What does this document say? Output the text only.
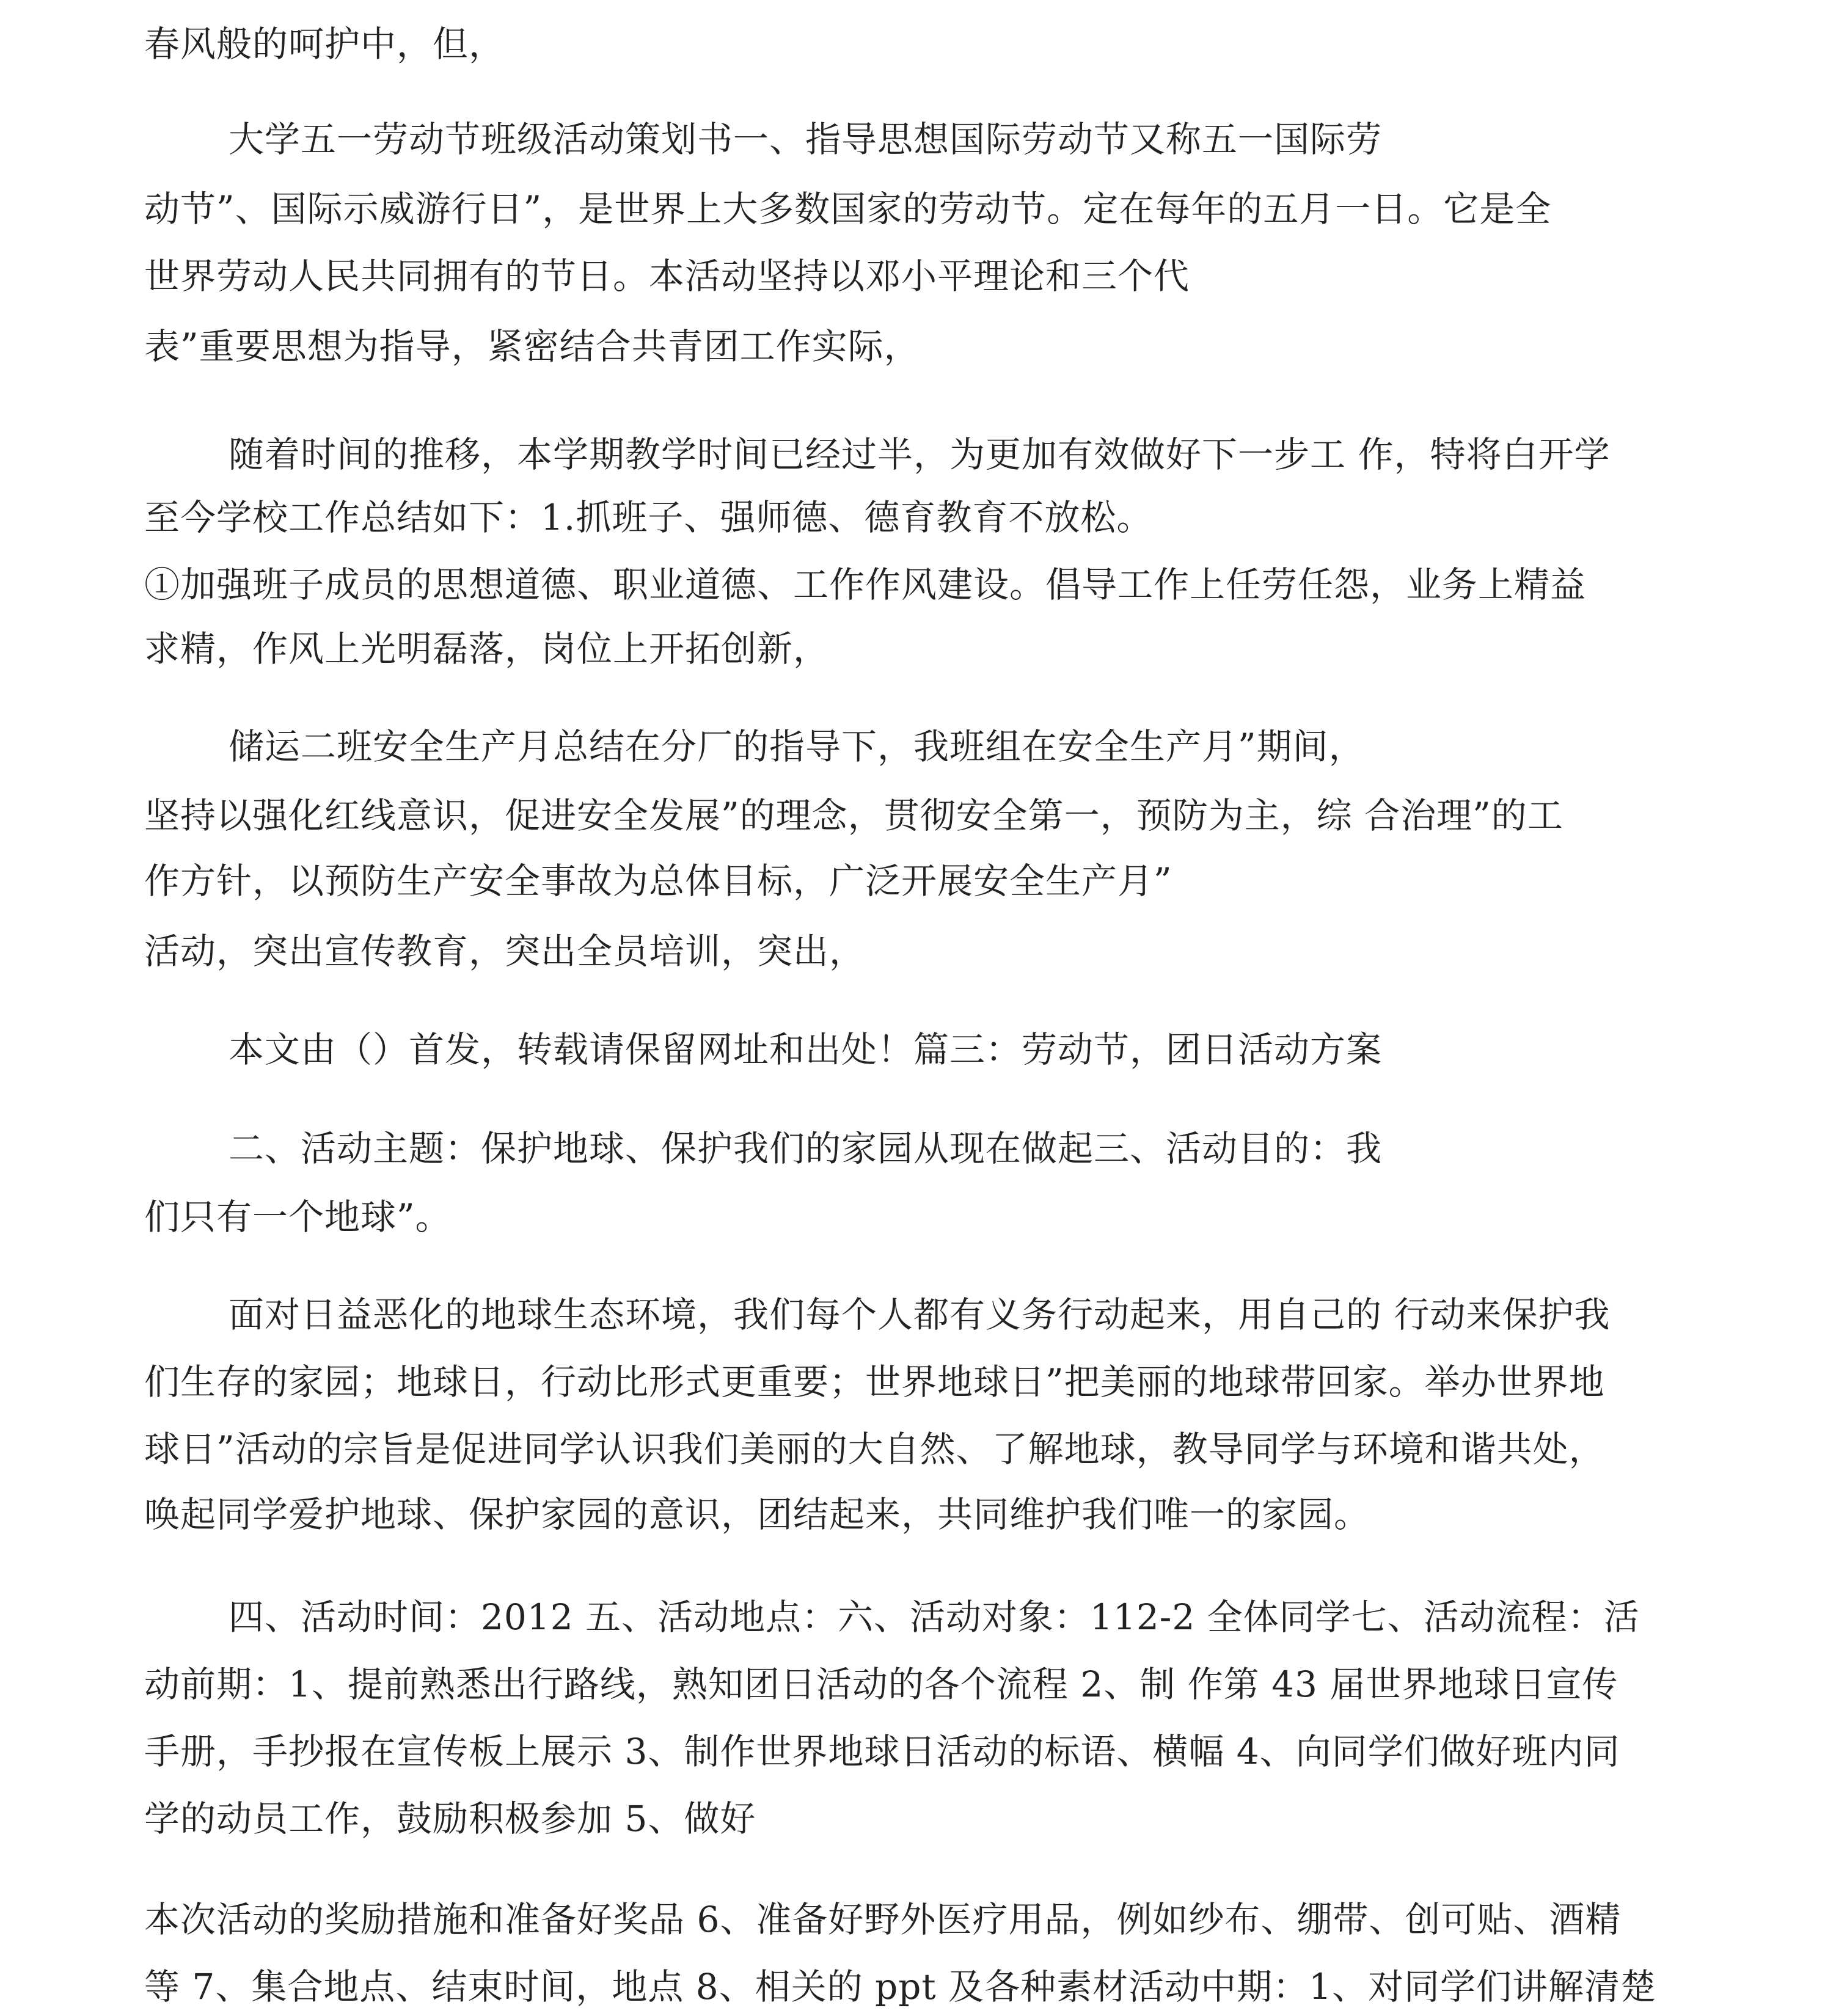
春风般的呵护中，但，
大学五一劳动节班级活动策划书一、指导思想国际劳动节又称五一国际劳
动节”、国际示威游行日”，是世界上大多数国家的劳动节。定在每年的五月一日。它是全
世界劳动人民共同拥有的节日。本活动坚持以邓小平理论和三个代
表”重要思想为指导，紧密结合共青团工作实际，
随着时间的推移，本学期教学时间已经过半，为更加有效做好下一步工 作，特将白开学
至今学校工作总结如下：1.抓班子、强师德、德育教育不放松。
①加强班子成员的思想道德、职业道德、工作作风建设。倡导工作上任劳任怨，业务上精益
求精，作风上光明磊落，岗位上开拓创新，
储运二班安全生产月总结在分厂的指导下，我班组在安全生产月”期间，
坚持以强化红线意识，促进安全发展”的理念，贯彻安全第一，预防为主，综 合治理”的工
作方针，以预防生产安全事故为总体目标，广泛开展安全生产月”
活动，突出宣传教育，突出全员培训，突出，
本文由（）首发，转载请保留网址和出处！篇三：劳动节，团日活动方案
二、活动主题：保护地球、保护我们的家园从现在做起三、活动目的：我
们只有一个地球”。
面对日益恶化的地球生态环境，我们每个人都有义务行动起来，用自己的 行动来保护我
们生存的家园；地球日，行动比形式更重要；世界地球日”把美丽的地球带回家。举办世界地
球日”活动的宗旨是促进同学认识我们美丽的大自然、了解地球，教导同学与环境和谐共处，
唤起同学爱护地球、保护家园的意识，团结起来，共同维护我们唯一的家园。
四、活动时间：2012 五、活动地点：六、活动对象：112-2 全体同学七、活动流程：活
动前期：1、提前熟悉出行路线，熟知团日活动的各个流程 2、制 作第 43 届世界地球日宣传
手册，手抄报在宣传板上展示 3、制作世界地球日活动的标语、横幅 4、向同学们做好班内同
学的动员工作，鼓励积极参加 5、做好
本次活动的奖励措施和准备好奖品 6、准备好野外医疗用品，例如纱布、绷带、创可贴、酒精
等 7、集合地点、结束时间，地点 8、相关的 ppt 及各种素材活动中期：1、对同学们讲解清楚
